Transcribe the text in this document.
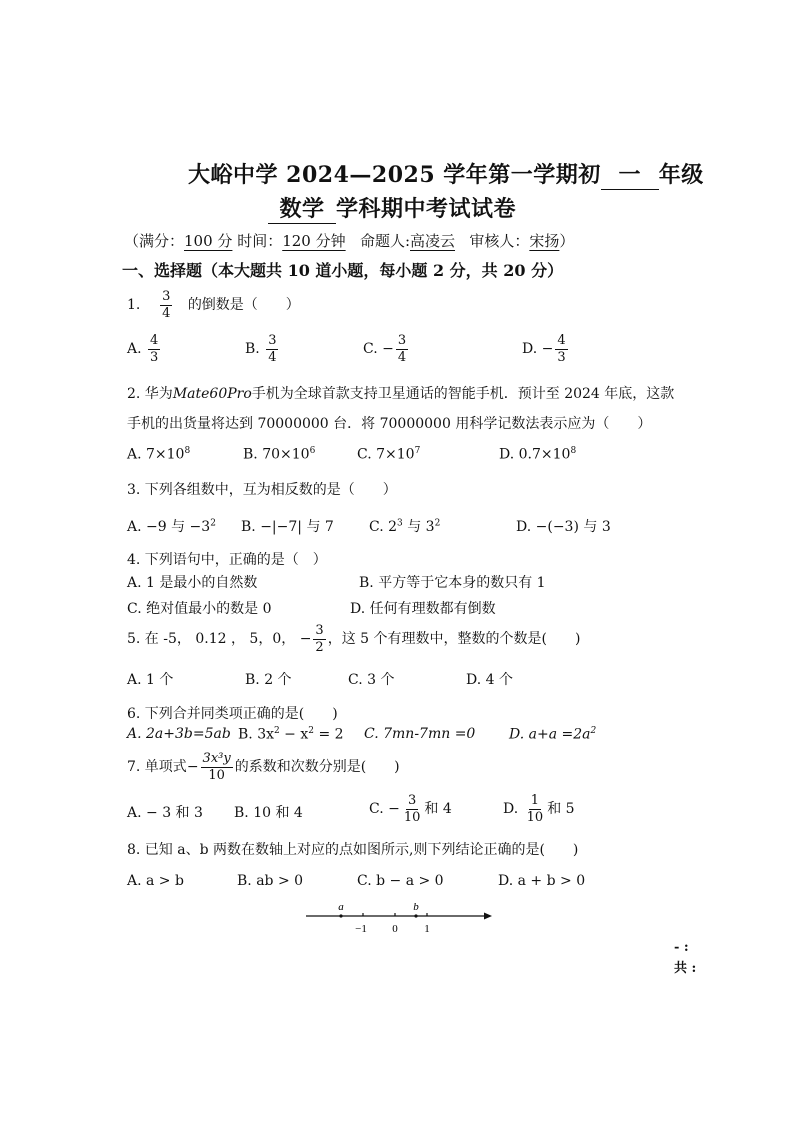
大峪中学 2024—2025 学年第一学期初 一 年级
数学 学科期中考试试卷
（满分：100 分 时间：120 分钟 命题人:高凌云 审核人：宋扬）
一、选择题（本大题共 10 道小题，每小题 2 分，共 20 分）
1. $\frac{3}{4}$ 的倒数是（　　）
A. $\frac{4}{3}$	B. $\frac{3}{4}$	C. − $\frac{3}{4}$	D. − $\frac{4}{3}$
2. 华为Mate60Pro手机为全球首款支持卫星通话的智能手机．预计至 2024 年底，这款
手机的出货量将达到 70000000 台．将 70000000 用科学记数法表示应为（　　）
A. $7\times 10^8$	B. $70\times 10^6$	C. $7\times 10^7$	D. $0.7\times 10^8$
3. 下列各组数中，互为相反数的是（　　）
A. −9 与 $-3^2$ B. −|−7| 与 7	C. $2^3$ 与 $3^2$	D. −(−3) 与 3
4. 下列语句中，正确的是（　）
A. 1 是最小的自然数	B. 平方等于它本身的数只有 1
C. 绝对值最小的数是 0	D. 任何有理数都有倒数
5. 在 -5， 0.12 ， 5，0， − $\frac{3}{2}$ ，这 5 个有理数中，整数的个数是(　　)
A. 1 个	B. 2 个	C. 3 个	D. 4 个
6. 下列合并同类项正确的是(　　)
A. 2a+3b=5ab B. $3x^2 - x^2 = 2$ C. 7mn-7mn =0 D. $a+a =2a^2$
7. 单项式− $\frac{\text{3x³y}}{10}$ 的系数和次数分别是(　　)
A. − 3 和 3 B. 10 和 4	C. − $\frac{3}{10}$ 和 4	D. $\frac{1}{10}$ 和 5
8. 已知 a、b 两数在数轴上对应的点如图所示,则下列结论正确的是(　　)
A. a > b	B. ab > 0	C. b − a > 0	D. a + b > 0
a	b
−1 0 1
- :
共 :
